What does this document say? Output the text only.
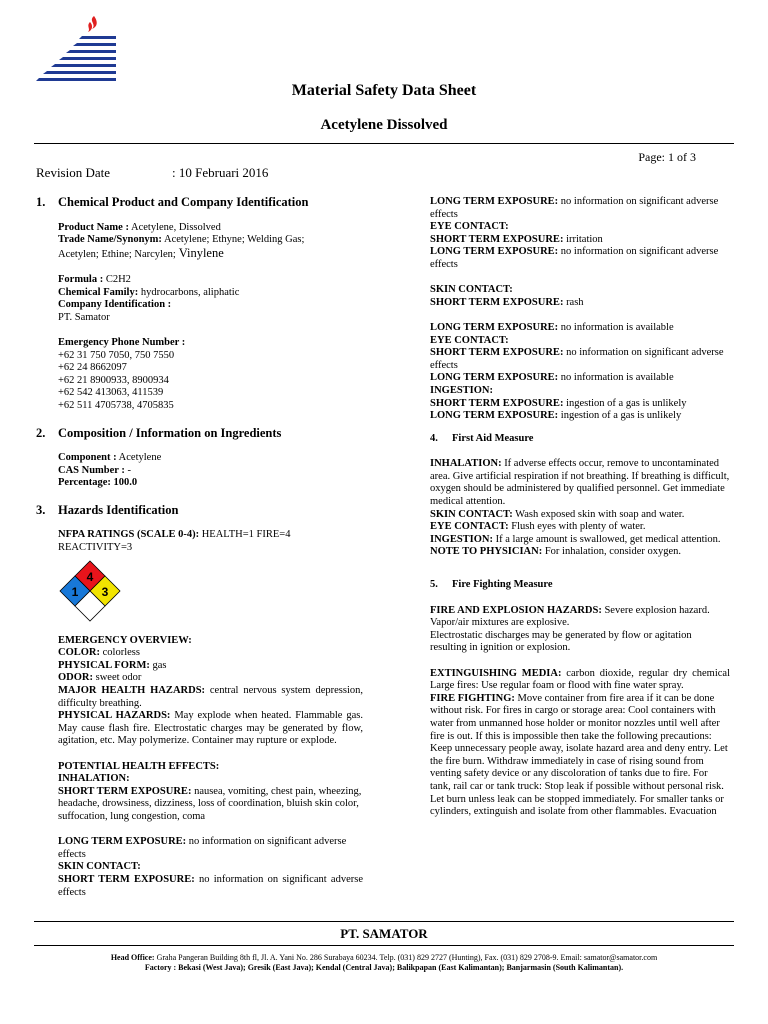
Material Safety Data Sheet
Acetylene Dissolved
Page: 1 of 3
Revision Date	: 10 Februari 2016
1.	Chemical Product and Company Identification

Product Name : Acetylene, Dissolved

Trade Name/Synonym: Acetylene; Ethyne; Welding Gas;

Acetylen; Ethine; Narcylen; Vinylene

Formula : C2H2

Chemical Family: hydrocarbons, aliphatic

Company Identification :

PT. Samator

Emergency Phone Number :

+62 31 750 7050, 750 7550

+62 24 8662097

+62 21 8900933, 8900934

+62 542 413063, 411539

+62 511 4705738, 4705835

2.	Composition / Information on Ingredients

Component : Acetylene

CAS Number : -

Percentage: 100.0

3.	Hazards Identification

NFPA RATINGS (SCALE 0-4): HEALTH=1 FIRE=4

REACTIVITY=3

4
1 3

EMERGENCY OVERVIEW:

COLOR: colorless

PHYSICAL FORM: gas

ODOR: sweet odor

MAJOR HEALTH HAZARDS: central nervous system depression, difficulty breathing.

PHYSICAL HAZARDS: May explode when heated. Flammable gas. May cause flash fire. Electrostatic charges may be generated by flow, agitation, etc. May polymerize. Container may rupture or explode.

POTENTIAL HEALTH EFFECTS:

INHALATION:

SHORT TERM EXPOSURE: nausea, vomiting, chest pain, wheezing, headache, drowsiness, dizziness, loss of coordination, bluish skin color, suffocation, lung congestion, coma

LONG TERM EXPOSURE: no information on significant adverse effects

SKIN CONTACT:

SHORT TERM EXPOSURE: no information on significant adverse effects

LONG TERM EXPOSURE: no information on significant adverse effects

EYE CONTACT:

SHORT TERM EXPOSURE: irritation

LONG TERM EXPOSURE: no information on significant adverse effects

SKIN CONTACT:

SHORT TERM EXPOSURE: rash

LONG TERM EXPOSURE: no information is available

EYE CONTACT:

SHORT TERM EXPOSURE: no information on significant adverse effects

LONG TERM EXPOSURE: no information is available

INGESTION:

SHORT TERM EXPOSURE: ingestion of a gas is unlikely

LONG TERM EXPOSURE: ingestion of a gas is unlikely

4.	First Aid Measure

INHALATION: If adverse effects occur, remove to uncontaminated area. Give artificial respiration if not breathing. If breathing is difficult, oxygen should be administered by qualified personnel. Get immediate medical attention.

SKIN CONTACT: Wash exposed skin with soap and water.

EYE CONTACT: Flush eyes with plenty of water.

INGESTION: If a large amount is swallowed, get medical attention.

NOTE TO PHYSICIAN: For inhalation, consider oxygen.

5.	Fire Fighting Measure

FIRE AND EXPLOSION HAZARDS: Severe explosion hazard. Vapor/air mixtures are explosive.

Electrostatic discharges may be generated by flow or agitation resulting in ignition or explosion.

EXTINGUISHING MEDIA: carbon dioxide, regular dry chemical Large fires: Use regular foam or flood with fine water spray.

FIRE FIGHTING: Move container from fire area if it can be done without risk. For fires in cargo or storage area: Cool containers with water from unmanned hose holder or monitor nozzles until well after fire is out. If this is impossible then take the following precautions: Keep unnecessary people away, isolate hazard area and deny entry. Let the fire burn. Withdraw immediately in case of rising sound from venting safety device or any discoloration of tanks due to fire. For tank, rail car or tank truck: Stop leak if possible without personal risk. Let burn unless leak can be stopped immediately. For smaller tanks or cylinders, extinguish and isolate from other flammables. Evacuation

PT. SAMATOR
Head Office: Graha Pangeran Building 8th fl, Jl. A. Yani No. 286 Surabaya 60234. Telp. (031) 829 2727 (Hunting), Fax. (031) 829 2708-9. Email: samator@samator.com
Factory : Bekasi (West Java); Gresik (East Java); Kendal (Central Java); Balikpapan (East Kalimantan); Banjarmasin (South Kalimantan).
